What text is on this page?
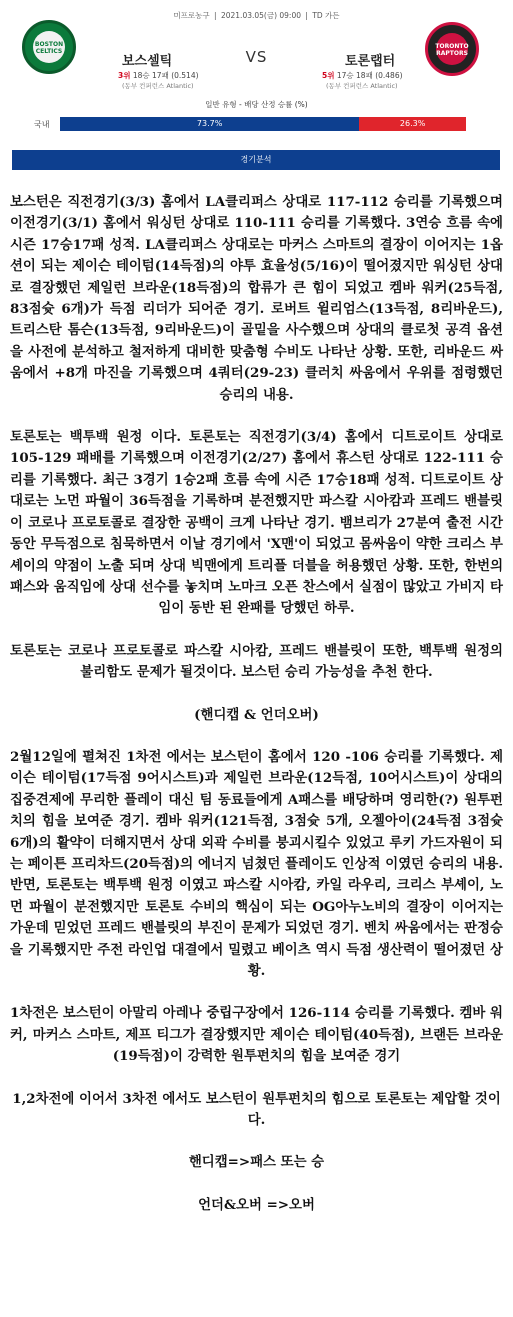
미프로농구 | 2021.03.05(금) 09:00 | TD 가든
BOSTON CELTICS
TORONTO RAPTORS
보스셀틱	VS	토론랩터
3위 18승 17패 (0.514)	5위 17승 18패 (0.486)
(동부 컨퍼런스 Atlantic)	(동부 컨퍼런스 Atlantic)
일반 유형 - 배당 산정 승률 (%)
국내	73.7%	26.3%
경기분석

보스턴은 직전경기(3/3) 홈에서 LA클리퍼스 상대로 117-112 승리를 기록했으며 이전경기(3/1) 홈에서 워싱턴 상대로 110-111 승리를 기록했다. 3연승 흐름 속에 시즌 17승17패 성적. LA클리퍼스 상대로는 마커스 스마트의 결장이 이어지는 1옵션이 되는 제이슨 테이텀(14득점)의 야투 효율성(5/16)이 떨어졌지만 워싱턴 상대로 결장했던 제일런 브라운(18득점)의 합류가 큰 힘이 되었고 켐바 워커(25득점, 83점슛 6개)가 득점 리더가 되어준 경기. 로버트 윌리엄스(13득점, 8리바운드), 트리스탄 톰슨(13득점, 9리바운드)이 골밑을 사수했으며 상대의 클로첫 공격 옵션을 사전에 분석하고 철저하게 대비한 맞춤형 수비도 나타난 상황. 또한, 리바운드 싸움에서 +8개 마진을 기록했으며 4쿼터(29-23) 클러치 싸움에서 우위를 점령했던 승리의 내용.

토론토는 백투백 원정 이다. 토론토는 직전경기(3/4) 홈에서 디트로이트 상대로 105-129 패배를 기록했으며 이전경기(2/27) 홈에서 휴스턴 상대로 122-111 승리를 기록했다. 최근 3경기 1승2패 흐름 속에 시즌 17승18패 성적. 디트로이트 상대로는 노먼 파월이 36득점을 기록하며 분전했지만 파스칼 시아캄과 프레드 밴블릿이 코로나 프로토콜로 결장한 공백이 크게 나타난 경기. 뱀브리가 27분여 출전 시간 동안 무득점으로 침묵하면서 이날 경기에서 'X맨'이 되었고 몸싸움이 약한 크리스 부셰이의 약점이 노출 되며 상대 빅맨에게 트리플 더블을 허용했던 상황. 또한, 한번의 패스와 움직임에 상대 선수를 놓치며 노마크 오픈 찬스에서 실점이 많았고 가비지 타임이 동반 된 완패를 당했던 하루.

토론토는 코로나 프로토콜로 파스칼 시아캄, 프레드 밴블릿이 또한, 백투백 원정의 불리함도 문제가 될것이다. 보스턴 승리 가능성을 추천 한다.

(핸디캡 & 언더오버)

2월12일에 펼쳐진 1차전 에서는 보스턴이 홈에서 120 -106 승리를 기록했다. 제이슨 테이텀(17득점 9어시스트)과 제일런 브라운(12득점, 10어시스트)이 상대의 집중견제에 무리한 플레이 대신 팀 동료들에게 A패스를 배당하며 영리한(?) 원투펀치의 힘을 보여준 경기. 켐바 워커(121득점, 3점슛 5개, 오젤아이(24득점 3점슛 6개)의 활약이 더해지면서 상대 외곽 수비를 붕괴시킬수 있었고 루키 가드자원이 되는 페이튼 프리차드(20득점)의 에너지 넘쳤던 플레이도 인상적 이였던 승리의 내용. 반면, 토론토는 백투백 원정 이였고 파스칼 시아캄, 카일 라우리, 크리스 부셰이, 노먼 파월이 분전했지만 토론토 수비의 핵심이 되는 OG아누노비의 결장이 이어지는 가운데 믿었던 프레드 밴블릿의 부진이 문제가 되었던 경기. 벤치 싸움에서는 판정승을 기록했지만 주전 라인업 대결에서 밀렸고 베이츠 역시 득점 생산력이 떨어졌던 상황.

1차전은 보스턴이 아말리 아레나 중립구장에서 126-114 승리를 기록했다. 켐바 워커, 마커스 스마트, 제프 티그가 결장했지만 제이슨 테이텀(40득점), 브랜든 브라운(19득점)이 강력한 원투펀치의 힘을 보여준 경기

1,2차전에 이어서 3차전 에서도 보스턴이 원투펀치의 힘으로 토론토는 제압할 것이다.

핸디캡=>패스 또는 승

언더&오버 =>오버
